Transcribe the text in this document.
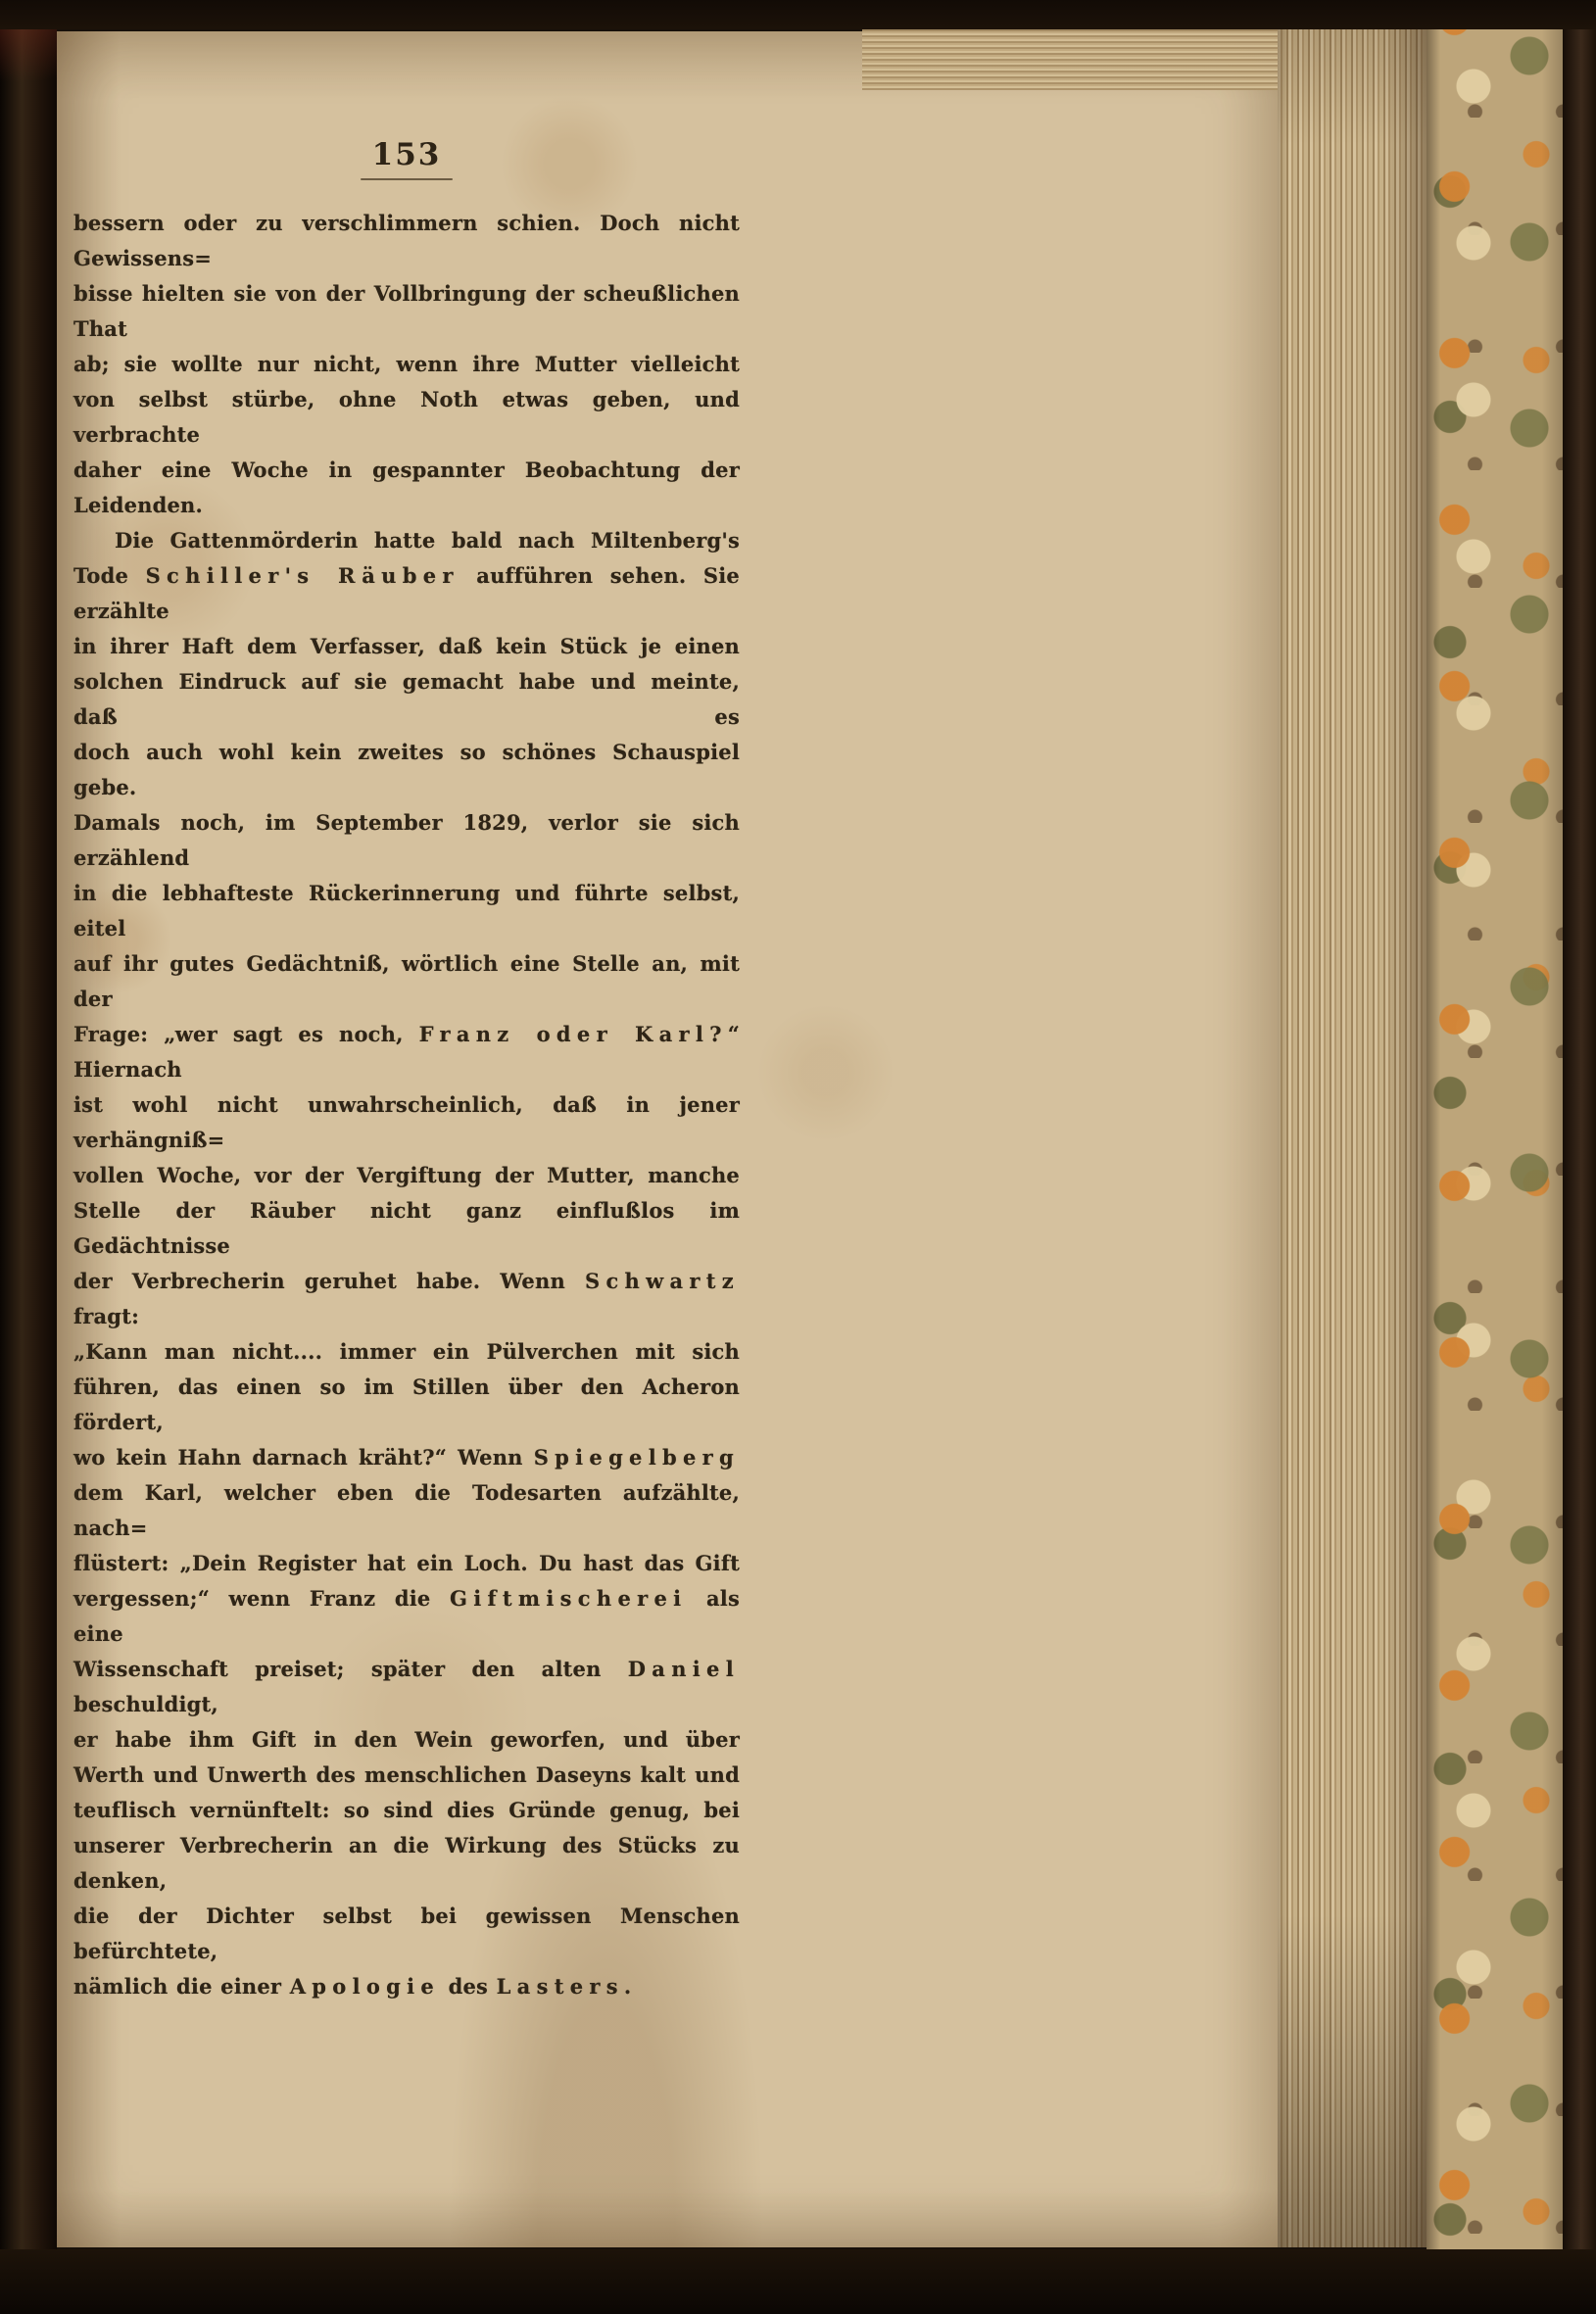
153
bessern oder zu verschlimmern schien. Doch nicht Gewissens=
bisse hielten sie von der Vollbringung der scheußlichen That
ab; sie wollte nur nicht, wenn ihre Mutter vielleicht
von selbst stürbe, ohne Noth etwas geben, und verbrachte
daher eine Woche in gespannter Beobachtung der Leidenden.
Die Gattenmörderin hatte bald nach Miltenberg's
Tode Schiller's Räuber aufführen sehen. Sie erzählte
in ihrer Haft dem Verfasser, daß kein Stück je einen
solchen Eindruck auf sie gemacht habe und meinte, daß es
doch auch wohl kein zweites so schönes Schauspiel gebe.
Damals noch, im September 1829, verlor sie sich erzählend
in die lebhafteste Rückerinnerung und führte selbst, eitel
auf ihr gutes Gedächtniß, wörtlich eine Stelle an, mit der
Frage: „wer sagt es noch, Franz oder Karl?“ Hiernach
ist wohl nicht unwahrscheinlich, daß in jener verhängniß=
vollen Woche, vor der Vergiftung der Mutter, manche
Stelle der Räuber nicht ganz einflußlos im Gedächtnisse
der Verbrecherin geruhet habe. Wenn Schwartz fragt:
„Kann man nicht.... immer ein Pülverchen mit sich
führen, das einen so im Stillen über den Acheron fördert,
wo kein Hahn darnach kräht?“ Wenn Spiegelberg
dem Karl, welcher eben die Todesarten aufzählte, nach=
flüstert: „Dein Register hat ein Loch. Du hast das Gift
vergessen;“ wenn Franz die Giftmischerei als eine
Wissenschaft preiset; später den alten Daniel beschuldigt,
er habe ihm Gift in den Wein geworfen, und über
Werth und Unwerth des menschlichen Daseyns kalt und
teuflisch vernünftelt: so sind dies Gründe genug, bei
unserer Verbrecherin an die Wirkung des Stücks zu denken,
die der Dichter selbst bei gewissen Menschen befürchtete,
nämlich die einer Apologie des Lasters.
